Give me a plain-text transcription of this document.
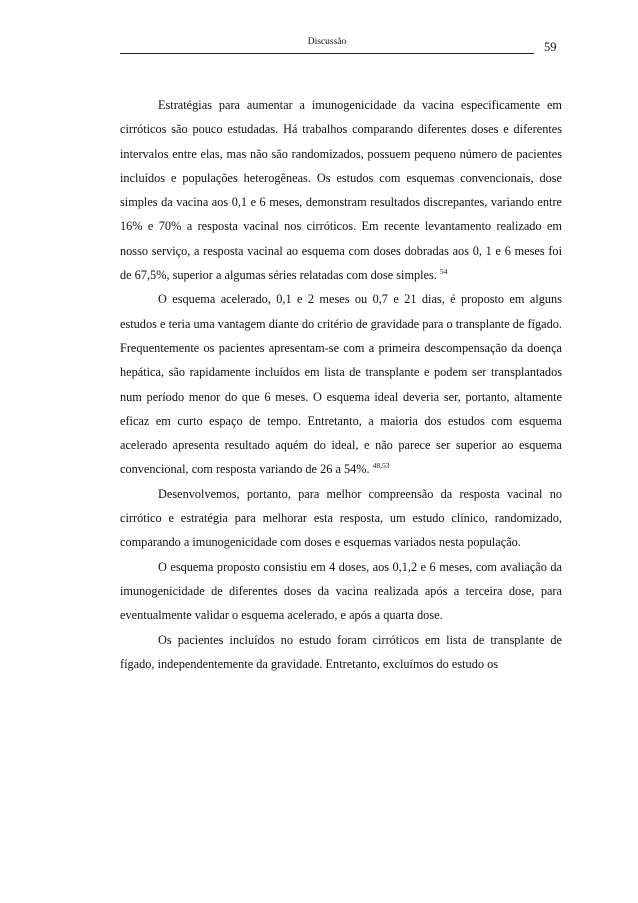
Discussão	59

Estratégias para aumentar a imunogenicidade da vacina especificamente em cirróticos são pouco estudadas. Há trabalhos comparando diferentes doses e diferentes intervalos entre elas, mas não são randomizados, possuem pequeno número de pacientes incluídos e populações heterogêneas. Os estudos com esquemas convencionais, dose simples da vacina aos 0,1 e 6 meses, demonstram resultados discrepantes, variando entre 16% e 70% a resposta vacinal nos cirróticos. Em recente levantamento realizado em nosso serviço, a resposta vacinal ao esquema com doses dobradas aos 0, 1 e 6 meses foi de 67,5%, superior a algumas séries relatadas com dose simples. $^{54}$

O esquema acelerado, 0,1 e 2 meses ou 0,7 e 21 dias, é proposto em alguns estudos e teria uma vantagem diante do critério de gravidade para o transplante de fígado. Frequentemente os pacientes apresentam-se com a primeira descompensação da doença hepática, são rapidamente incluídos em lista de transplante e podem ser transplantados num período menor do que 6 meses. O esquema ideal deveria ser, portanto, altamente eficaz em curto espaço de tempo. Entretanto, a maioria dos estudos com esquema acelerado apresenta resultado aquém do ideal, e não parece ser superior ao esquema convencional, com resposta variando de 26 a 54%. $^{48,53}$

Desenvolvemos, portanto, para melhor compreensão da resposta vacinal no cirrótico e estratégia para melhorar esta resposta, um estudo clínico, randomizado, comparando a imunogenicidade com doses e esquemas variados nesta população.

O esquema proposto consistiu em 4 doses, aos 0,1,2 e 6 meses, com avaliação da imunogenicidade de diferentes doses da vacina realizada após a terceira dose, para eventualmente validar o esquema acelerado, e após a quarta dose.

Os pacientes incluídos no estudo foram cirróticos em lista de transplante de fígado, independentemente da gravidade. Entretanto, excluímos do estudo os
